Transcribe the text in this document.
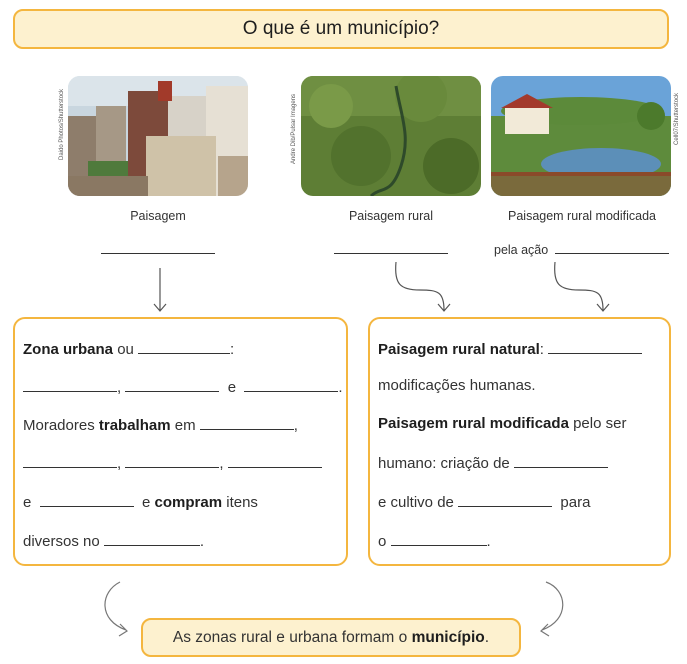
O que é um município?
Daido Photos/Shutterstock
Paisagem
Andre Dib/Pulsar Imagens
Paisagem rural
Cell07/Shutterstock
Paisagem rural modificada
pela ação
Zona urbana ou	:
,	e	.
Moradores trabalham em	,
,	,
e	e compram itens
diversos no	.
Paisagem rural natural:
modificações humanas.
Paisagem rural modificada pelo ser
humano: criação de
e cultivo de	para
o	.
As zonas rural e urbana formam o município.
